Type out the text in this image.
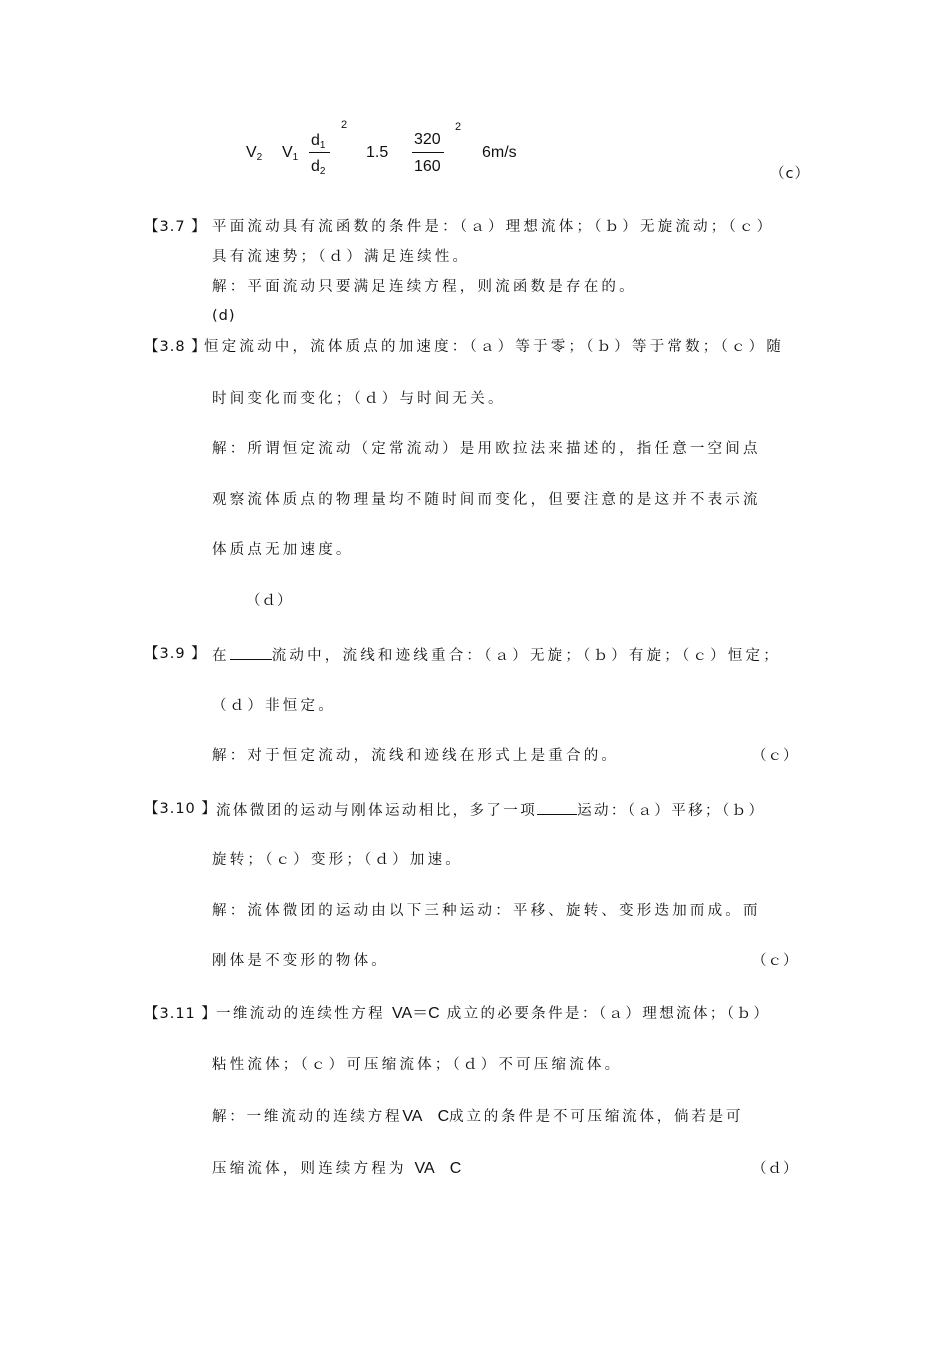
$V_2$ $V_1$
$d_1$
$d_2$
2
1.5
320
160
2
6m/s
（c）
【3.7 】 平面流动具有流函数的条件是：（ａ）理想流体；（ｂ）无旋流动；（ｃ）
具有流速势；（ｄ）满足连续性。
解：平面流动只要满足连续方程，则流函数是存在的。
(d)
【3.8 】
恒定流动中，流体质点的加速度：（ａ）等于零；（ｂ）等于常数；（ｃ）随
时间变化而变化；（ｄ）与时间无关。
解：所谓恒定流动（定常流动）是用欧拉法来描述的，指任意一空间点
观察流体质点的物理量均不随时间而变化，但要注意的是这并不表示流
体质点无加速度。
（ｄ）
【3.9 】 在	流动中，流线和迹线重合：（ａ）无旋；（ｂ）有旋；（ｃ）恒定；
（ｄ）非恒定。
解：对于恒定流动，流线和迹线在形式上是重合的。	（ｃ）
【3.10 】 流体微团的运动与刚体运动相比，多了一项	运动：（ａ）平移；（ｂ）
旋转；（ｃ）变形；（ｄ）加速。
解：流体微团的运动由以下三种运动：平移、旋转、变形迭加而成。而
刚体是不变形的物体。	（ｃ）
【3.11 】 一维流动的连续性方程 VA＝C 成立的必要条件是：（ａ）理想流体；（ｂ）
粘性流体；（ｃ）可压缩流体；（ｄ）不可压缩流体。
解：一维流动的连续方程VA　C成立的条件是不可压缩流体，倘若是可
压缩流体，则连续方程为 VA　C	（ｄ）
